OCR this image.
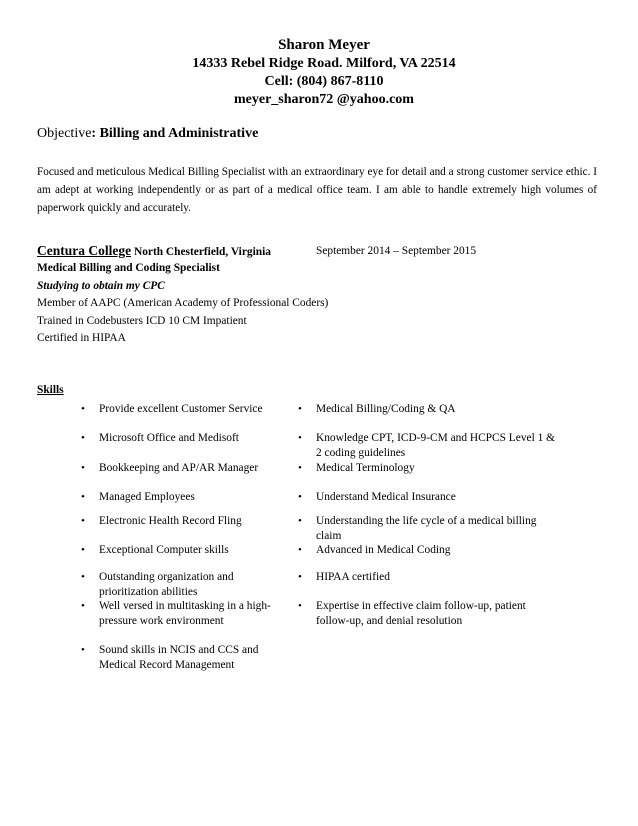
Sharon Meyer
14333 Rebel Ridge Road. Milford, VA 22514
Cell: (804) 867-8110
meyer_sharon72 @yahoo.com
Objective: Billing and Administrative
Focused and meticulous Medical Billing Specialist with an extraordinary eye for detail and a strong customer service ethic. I am adept at working independently or as part of a medical office team. I am able to handle extremely high volumes of paperwork quickly and accurately.
Centura College North Chesterfield, Virginia	September 2014 – September 2015
Medical Billing and Coding Specialist
Studying to obtain my CPC
Member of AAPC (American Academy of Professional Coders)
Trained in Codebusters ICD 10 CM Impatient
Certified in HIPAA
Skills
• Provide excellent Customer Service
• Microsoft Office and Medisoft
• Bookkeeping and AP/AR Manager
• Managed Employees
• Electronic Health Record Fling
• Exceptional Computer skills
• Outstanding organization and prioritization abilities
• Well versed in multitasking in a high-pressure work environment
• Sound skills in NCIS and CCS and Medical Record Management
• Medical Billing/Coding & QA
• Knowledge CPT, ICD-9-CM and HCPCS Level 1 & 2 coding guidelines
• Medical Terminology
• Understand Medical Insurance
• Understanding the life cycle of a medical billing claim
• Advanced in Medical Coding
• HIPAA certified
• Expertise in effective claim follow-up, patient follow-up, and denial resolution
